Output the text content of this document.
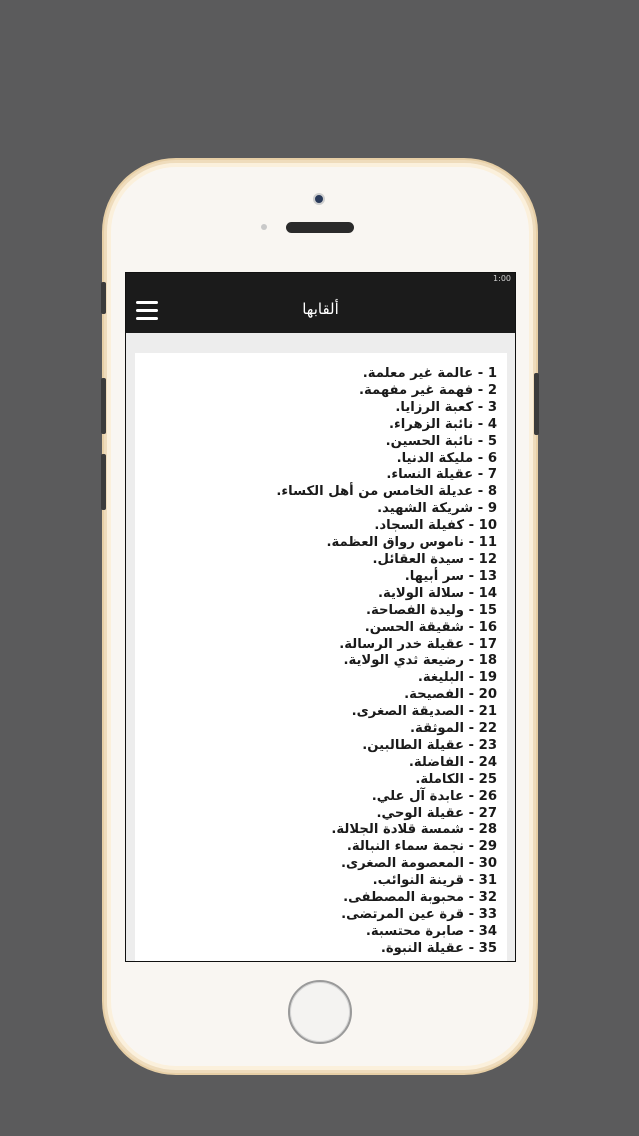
1:00
ألقابها
1 - عالمة غير معلمة.
2 - فهمة غير مفهمة.
3 - كعبة الرزايا.
4 - نائبة الزهراء.
5 - نائبة الحسين.
6 - مليكة الدنيا.
7 - عقيلة النساء.
8 - عديلة الخامس من أهل الكساء.
9 - شريكة الشهيد.
10 - كفيلة السجاد.
11 - ناموس رواق العظمة.
12 - سيدة العقائل.
13 - سر أبيها.
14 - سلالة الولاية.
15 - وليدة الفصاحة.
16 - شقيقة الحسن.
17 - عقيلة خدر الرسالة.
18 - رضيعة ثدي الولاية.
19 - البليغة.
20 - الفصيحة.
21 - الصديقة الصغرى.
22 - الموثقة.
23 - عقيلة الطالبين.
24 - الفاضلة.
25 - الكاملة.
26 - عابدة آل علي.
27 - عقيلة الوحي.
28 - شمسة قلادة الجلالة.
29 - نجمة سماء النبالة.
30 - المعصومة الصغرى.
31 - قرينة النوائب.
32 - محبوبة المصطفى.
33 - قرة عين المرتضى.
34 - صابرة محتسبة.
35 - عقيلة النبوة.
